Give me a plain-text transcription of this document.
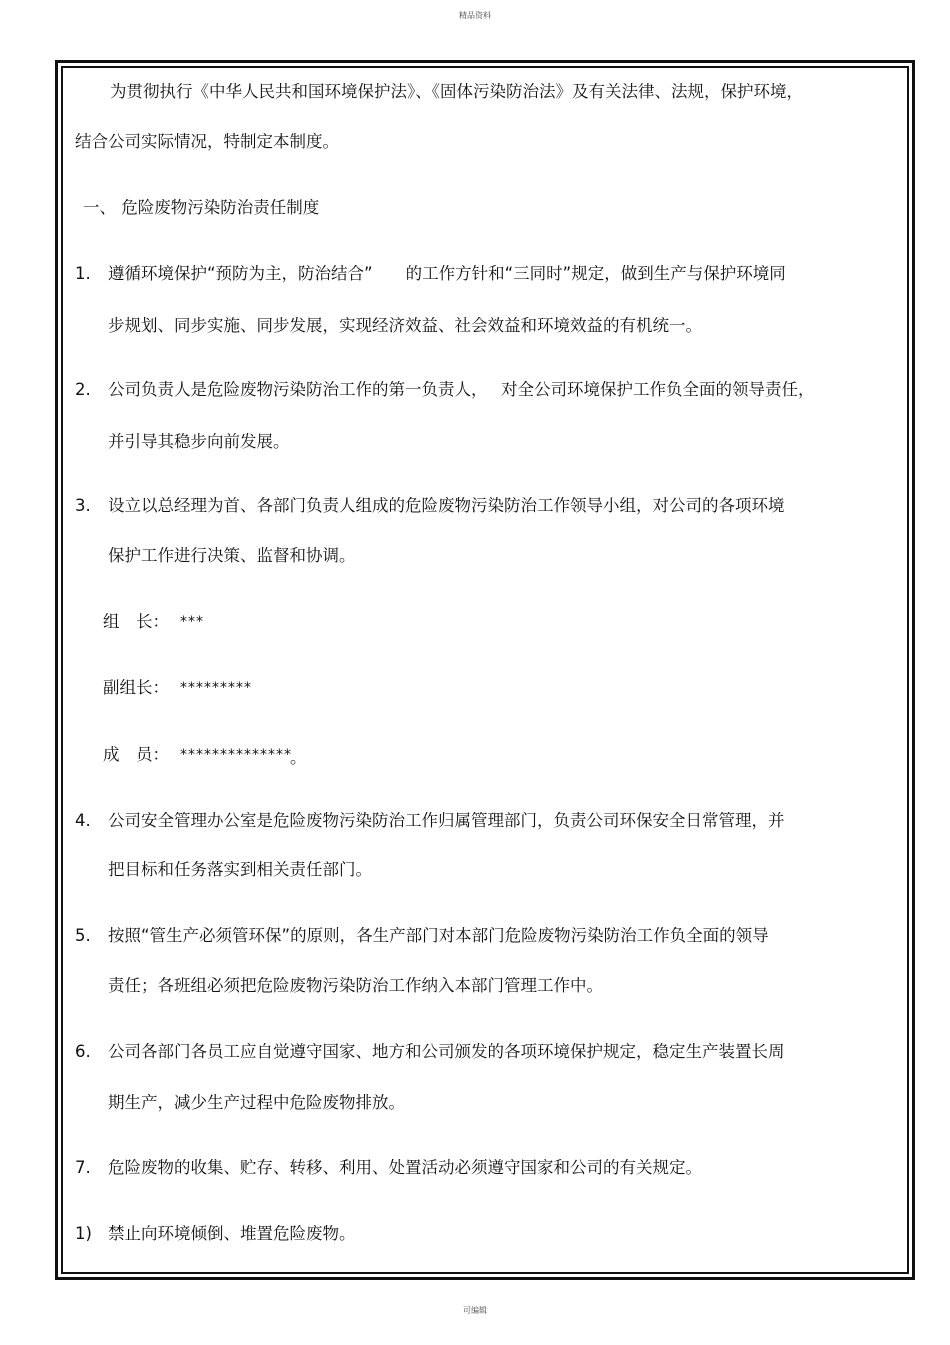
精品资料
为贯彻执行《中华人民共和国环境保护法》、《固体污染防治法》及有关法律、法规，保护环境，
结合公司实际情况，特制定本制度。
一、 危险废物污染防治责任制度
1. 遵循环境保护“预防为主，防治结合”　　的工作方针和“三同时”规定，做到生产与保护环境同
步规划、同步实施、同步发展，实现经济效益、社会效益和环境效益的有机统一。
2. 公司负责人是危险废物污染防治工作的第一负责人，　 对全公司环境保护工作负全面的领导责任，
并引导其稳步向前发展。
3. 设立以总经理为首、各部门负责人组成的危险废物污染防治工作领导小组，对公司的各项环境
保护工作进行决策、监督和协调。
组　长： ***
副组长： *********
成　员： **************
。
4. 公司安全管理办公室是危险废物污染防治工作归属管理部门，负责公司环保安全日常管理，并
把目标和任务落实到相关责任部门。
5. 按照“管生产必须管环保”的原则，各生产部门对本部门危险废物污染防治工作负全面的领导
责任；各班组必须把危险废物污染防治工作纳入本部门管理工作中。
6. 公司各部门各员工应自觉遵守国家、地方和公司颁发的各项环境保护规定，稳定生产装置长周
期生产，减少生产过程中危险废物排放。
7. 危险废物的收集、贮存、转移、利用、处置活动必须遵守国家和公司的有关规定。
1) 禁止向环境倾倒、堆置危险废物。
可编辑
